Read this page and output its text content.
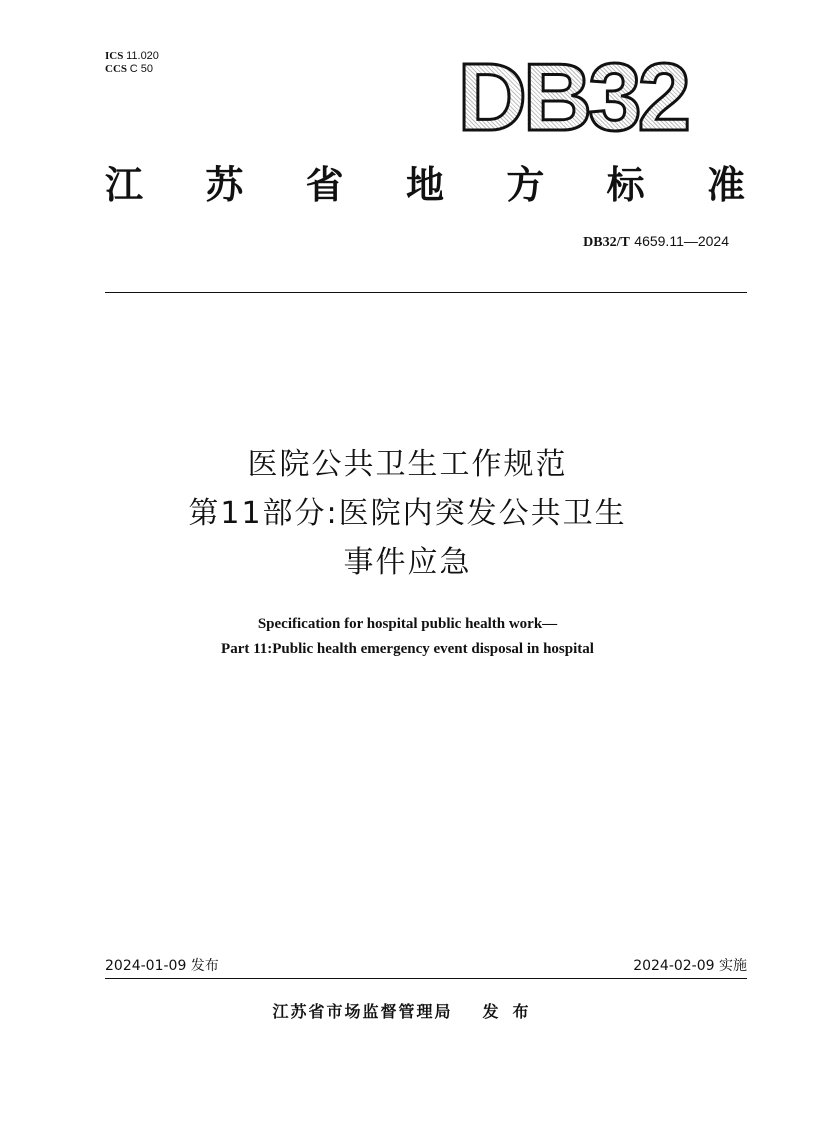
ICS 11.020
CCS C 50	DB32
江 苏 省 地 方 标 准
DB32/T 4659.11—2024
医院公共卫生工作规范
第11部分:医院内突发公共卫生
事件应急
Specification for hospital public health work—
Part 11:Public health emergency event disposal in hospital
2024-01-09 发布	2024-02-09 实施
江苏省市场监督管理局 发布
